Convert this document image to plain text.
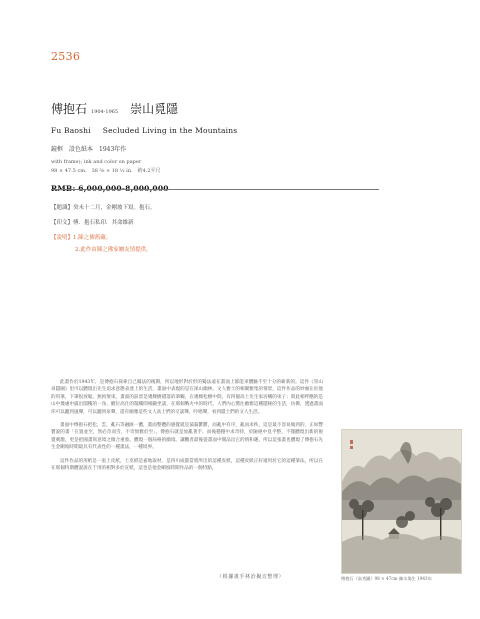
2536
傅抱石 1904-1965 崇山覓隱
Fu Baoshi Secluded Living in the Mountains
鏡框　設色紙本　1943年作
with frame); ink and color on paper
98 × 47.5 cm.　38 ⁵⁄₈ × 18 ¹⁄₂ in.　約4.2平尺
RMB: 6,000,000-8,000,000
【題識】癸未十二月，金剛坡下寫。抱石。
【印文】傅．抱石私印．其命維新
【說明】1.陳之佛舊藏。
2.此作由陳之佛家屬友情提供。

此畫作於1943年，是傅抱石探索自己獨法的後期，所以地形對於形的獨法遠在畫面上都能來體驗不至十分的嶄新的。這件《崇山尋隱圖》里可以體現出先生追求意態表達上的生活，畫面中表現的是在深山幽林，文人雅士的相聚雅集的情景，這件作品的妙處在於他的用筆，下筆很放鬆，無拘無束，畫面的前景是幾棵樹錯落的筆觸，在幾棵松樹中間，有四個高士先生家居構的束子；與此相呼應的是山中幾處中露出闊樓的一角，縱位高仕的闊樓間相顯坐談，在那個戰火中的時代，人們內心嚮往幽雅這種隱秘的生活，仿佛，透過畫面你可以聽到風聲，可以聽到泉聲，還有幽雅這些文人高士們的交談聲，吟唱聲，看到隱士們的文人生活。

畫面中傅抱石把松，雲，亂石等融匯一體，畫面整體的感覺就是蓊蓊鬱鬱，而亂中有序，亂而求秩，這是最不容易做到的，正如豐寶說的畫「在置並至，然必奇而雪，不奇無雅於至」。傅抱石就是放亂著手，而後穩穩中求奇特，於險絕中見平整，不僅體現出新的視覺刺激，更是把國畫寫意境之微合重象。體現一個局格的幽境。讓觀者最後從畫面中開品出它的情和趣，所以這張畫也體現了傅抱石先生金剛坡時期最具有代表性的一種畫法，一種境界。

這件作品的用紙是一張土皮紙，土皮紙是嘉地取材，是四川成都當賣所出的這種皮紙，這種皮紙正好適用於它的這種筆法，所以在在那個特期體說說在于用的相對多於宣紙，這也是他金剛坡時期作品的一個特點。

（根據畫手林治擬音整理）	傅抱石《高秀圖》98 × 47cm 陳水塢生 1943年
